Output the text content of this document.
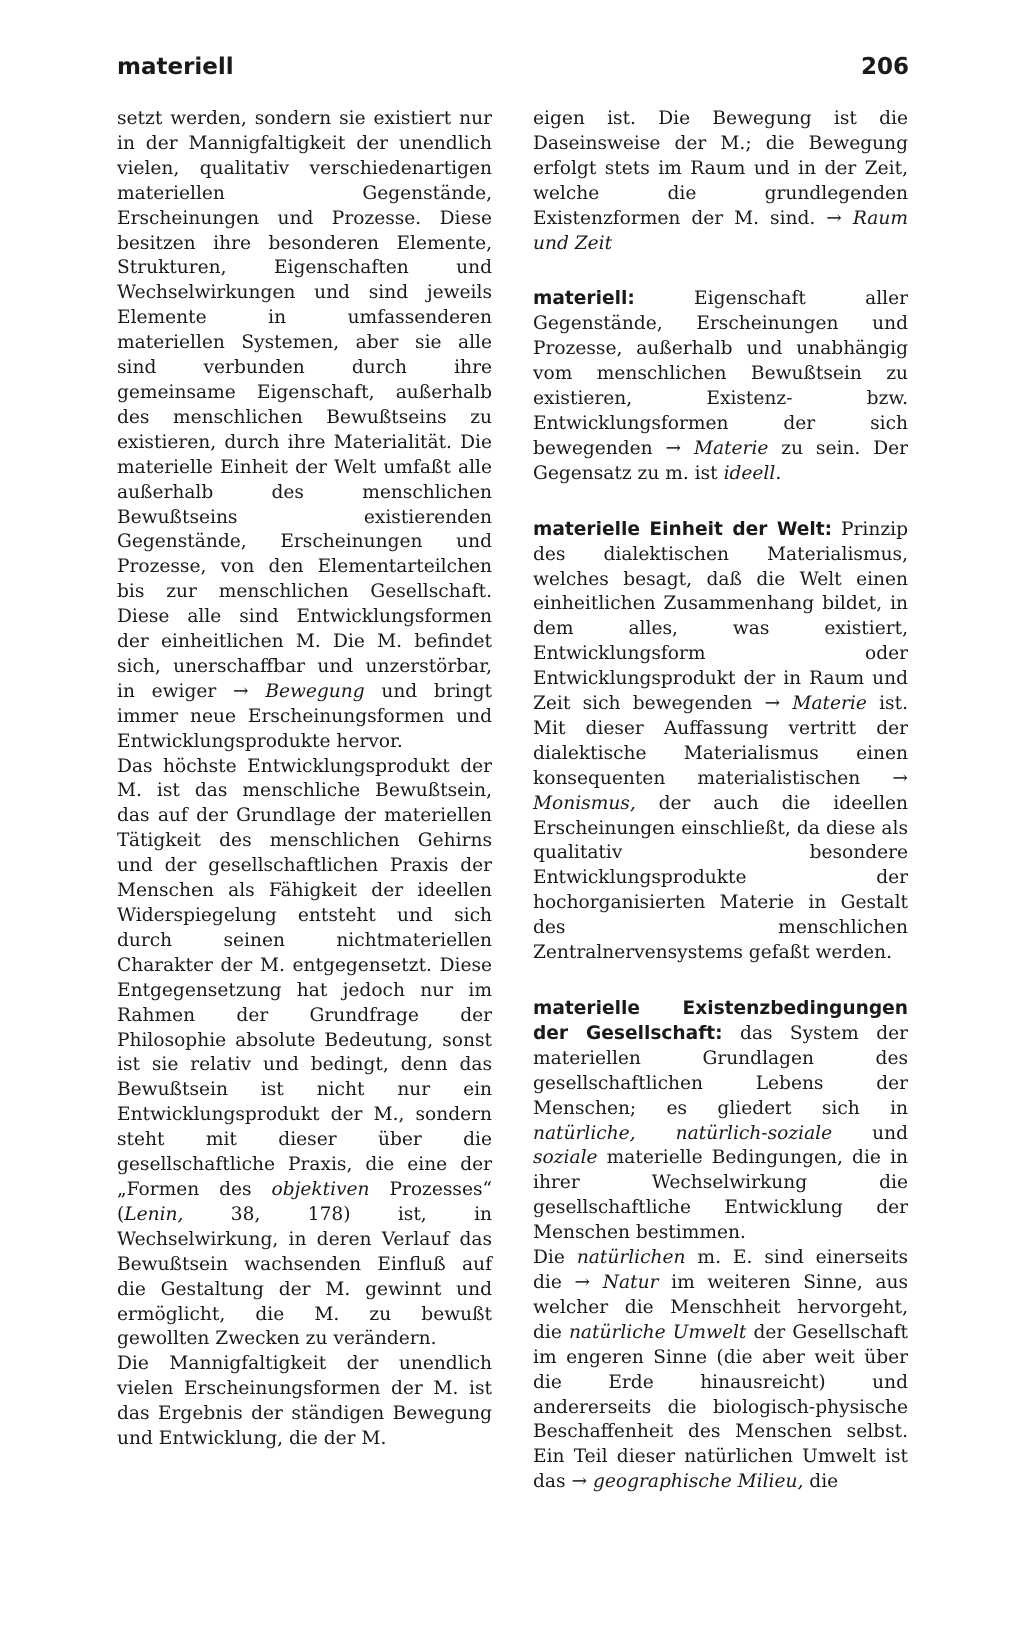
materiell	206

setzt werden, sondern sie existiert nur in der Mannigfaltigkeit der unendlich vielen, qualitativ verschiedenartigen materiellen Gegenstände, Erscheinungen und Prozesse. Diese besitzen ihre besonderen Elemente, Strukturen, Eigenschaften und Wechselwirkungen und sind jeweils Elemente in umfassenderen materiellen Systemen, aber sie alle sind verbunden durch ihre gemeinsame Eigenschaft, außerhalb des menschlichen Bewußtseins zu existieren, durch ihre Materialität. Die materielle Einheit der Welt umfaßt alle außerhalb des menschlichen Bewußtseins existierenden Gegenstände, Erscheinungen und Prozesse, von den Elementarteilchen bis zur menschlichen Gesellschaft. Diese alle sind Entwicklungsformen der einheitlichen M. Die M. befindet sich, unerschaffbar und unzerstörbar, in ewiger → Bewegung und bringt immer neue Erscheinungsformen und Entwicklungsprodukte hervor.

Das höchste Entwicklungsprodukt der M. ist das menschliche Bewußtsein, das auf der Grundlage der materiellen Tätigkeit des menschlichen Gehirns und der gesellschaftlichen Praxis der Menschen als Fähigkeit der ideellen Widerspiegelung entsteht und sich durch seinen nichtmateriellen Charakter der M. entgegensetzt. Diese Entgegensetzung hat jedoch nur im Rahmen der Grundfrage der Philosophie absolute Bedeutung, sonst ist sie relativ und bedingt, denn das Bewußtsein ist nicht nur ein Entwicklungsprodukt der M., sondern steht mit dieser über die gesellschaftliche Praxis, die eine der „Formen des objektiven Prozesses“ (Lenin, 38, 178) ist, in Wechselwirkung, in deren Verlauf das Bewußtsein wachsenden Einfluß auf die Gestaltung der M. gewinnt und ermöglicht, die M. zu bewußt gewollten Zwecken zu verändern.

Die Mannigfaltigkeit der unendlich vielen Erscheinungsformen der M. ist das Ergebnis der ständigen Bewegung und Entwicklung, die der M.

eigen ist. Die Bewegung ist die Daseinsweise der M.; die Bewegung erfolgt stets im Raum und in der Zeit, welche die grundlegenden Existenzformen der M. sind. → Raum und Zeit

materiell: Eigenschaft aller Gegenstände, Erscheinungen und Prozesse, außerhalb und unabhängig vom menschlichen Bewußtsein zu existieren, Existenz- bzw. Entwicklungsformen der sich bewegenden → Materie zu sein. Der Gegensatz zu m. ist ideell.

materielle Einheit der Welt: Prinzip des dialektischen Materialismus, welches besagt, daß die Welt einen einheitlichen Zusammenhang bildet, in dem alles, was existiert, Entwicklungsform oder Entwicklungsprodukt der in Raum und Zeit sich bewegenden → Materie ist. Mit dieser Auffassung vertritt der dialektische Materialismus einen konsequenten materialistischen → Monismus, der auch die ideellen Erscheinungen einschließt, da diese als qualitativ besondere Entwicklungsprodukte der hochorganisierten Materie in Gestalt des menschlichen Zentralnervensystems gefaßt werden.

materielle Existenzbedingungen der Gesellschaft: das System der materiellen Grundlagen des gesellschaftlichen Lebens der Menschen; es gliedert sich in natürliche, natürlich-soziale und soziale materielle Bedingungen, die in ihrer Wechselwirkung die gesellschaftliche Entwicklung der Menschen bestimmen.

Die natürlichen m. E. sind einerseits die → Natur im weiteren Sinne, aus welcher die Menschheit hervorgeht, die natürliche Umwelt der Gesellschaft im engeren Sinne (die aber weit über die Erde hinausreicht) und andererseits die biologisch-physische Beschaffenheit des Menschen selbst. Ein Teil dieser natürlichen Umwelt ist das → geographische Milieu, die
